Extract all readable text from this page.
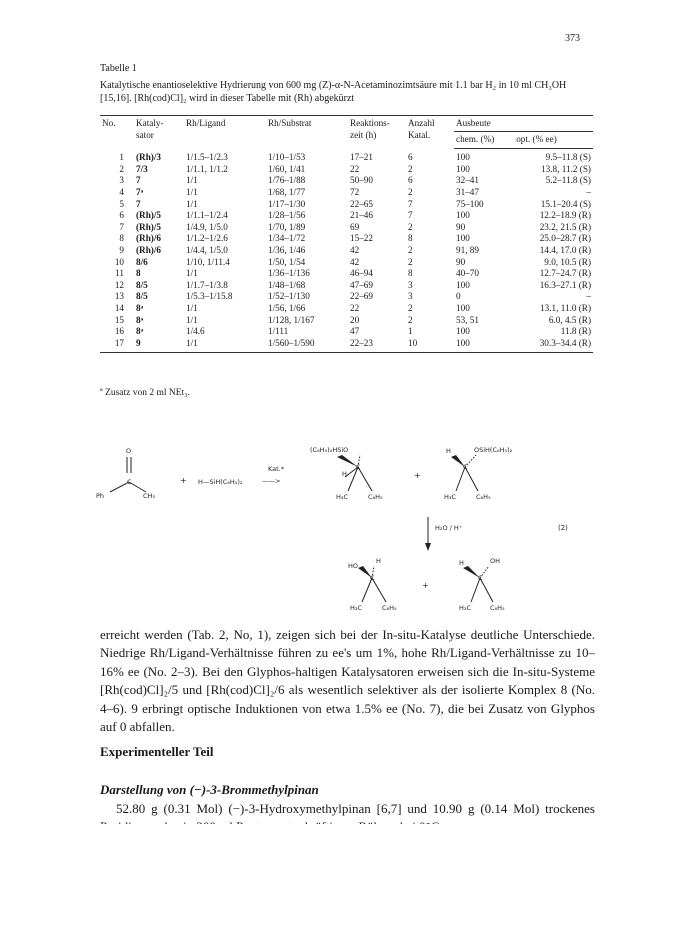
373
Tabelle 1
Katalytische enantioselektive Hydrierung von 600 mg (Z)-α-N-Acetaminozimtsäure mit 1.1 bar H₂ in 10 ml CH₃OH [15,16]. [Rh(cod)Cl]₂ wird in dieser Tabelle mit (Rh) abgekürzt
No.	Kataly- sator	Rh/Ligand	Rh/Substrat	Reaktions- zeit (h)	Anzahl Katal.	Ausbeute	
						chem. (%)	opt. (% ee)
1	(Rh)/3	1/1.5–1/2.3	1/10–1/53	17–21	6	100	9.5–11.8 (S)
2	7/3	1/1.1, 1/1.2	1/60, 1/41	22	2	100	13.8, 11.2 (S)
3	7	1/1	1/76–1/88	50–90	6	32–41	5.2–11.8 (S)
4	7ᵃ	1/1	1/68, 1/77	72	2	31–47	–
5	7	1/1	1/17–1/30	22–65	7	75–100	15.1–20.4 (S)
6	(Rh)/5	1/1.1–1/2.4	1/28–1/56	21–46	7	100	12.2–18.9 (R)
7	(Rh)/5	1/4.9, 1/5.0	1/70, 1/89	69	2	90	23.2, 21.5 (R)
8	(Rh)/6	1/1.2–1/2.6	1/34–1/72	15–22	8	100	25.0–28.7 (R)
9	(Rh)/6	1/4.4, 1/5.0	1/36, 1/46	42	2	91, 89	14.4, 17.0 (R)
10	8/6	1/10, 1/11.4	1/50, 1/54	42	2	90	9.0, 10.5 (R)
11	8	1/1	1/36–1/136	46–94	8	40–70	12.7–24.7 (R)
12	8/5	1/1.7–1/3.8	1/48–1/68	47–69	3	100	16.3–27.1 (R)
13	8/5	1/5.3–1/15.8	1/52–1/130	22–69	3	0	–
14	8ᵃ	1/1	1/56, 1/66	22	2	100	13.1, 11.0 (R)
15	8ᵃ	1/1	1/128, 1/167	20	2	53, 51	6.0, 4.5 (R)
16	8ᵃ	1/4.6	1/111	47	1	100	11.8 (R)
17	9	1/1	1/560–1/590	22–23	10	100	30.3–34.4 (R)
$^a$ Zusatz von 2 ml NEt₃.
O
C
Ph	CH₃
+ H—SiH(C₆H₅)₂
Kat.*
——>
(C₆H₅)₂HSiO
H
C
H₃C	C₆H₅
+
H	OSiH(C₆H₅)₂
C
H₃C	C₆H₅
H₂O / H⁺	(2)
HO
H
C
H₃C	C₆H₅
+
H	OH
C
H₃C	C₆H₅

erreicht werden (Tab. 2, No, 1), zeigen sich bei der In-situ-Katalyse deutliche Unterschiede. Niedrige Rh/Ligand-Verhältnisse führen zu ee's um 1%, hohe Rh/Ligand-Verhältnisse zu 10–16% ee (No. 2–3). Bei den Glyphos-haltigen Katalysatoren erweisen sich die In-situ-Systeme [Rh(cod)Cl]₂/5 und [Rh(cod)Cl]₂/6 als wesentlich selektiver als der isolierte Komplex 8 (No. 4–6). 9 erbringt optische Induktionen von etwa 1.5% ee (No. 7), die bei Zusatz von Glyphos auf 0 abfallen.

Experimenteller Teil
Darstellung von (−)-3-Brommethylpinan

52.80 g (0.31 Mol) (−)-3-Hydroxymethylpinan [6,7] und 10.90 g (0.14 Mol) trockenes
